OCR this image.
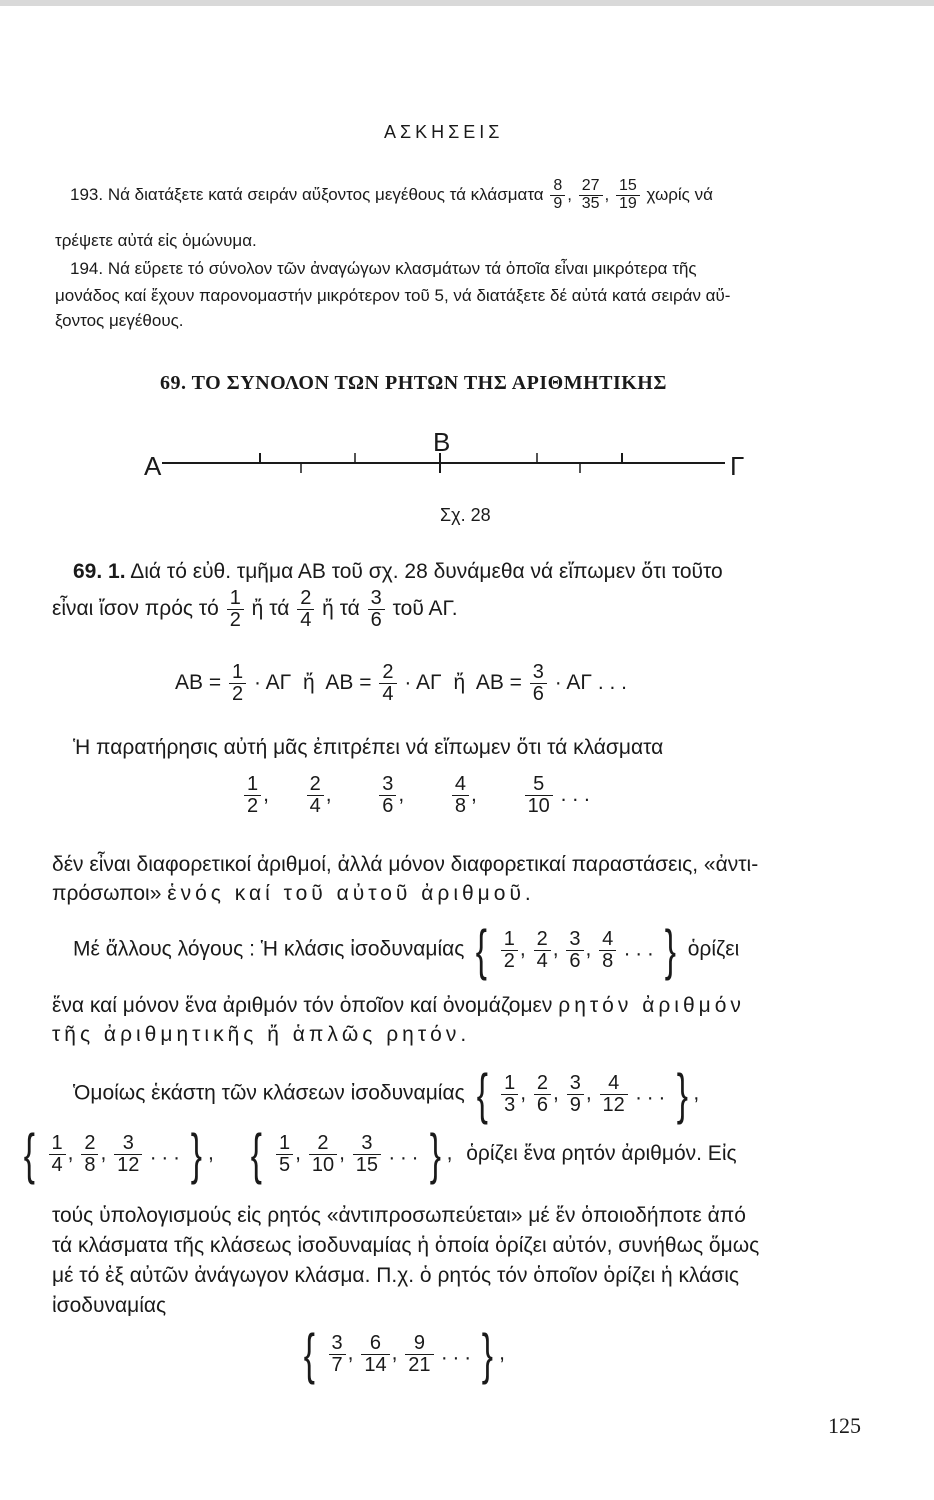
ΑΣΚΗΣΕΙΣ
193. Νά διατάξετε κατά σειράν αὔξοντος μεγέθους τά κλάσματα $\frac{8}{9}$ , $\frac{27}{35}$ , $\frac{15}{19}$ χωρίς νά
τρέψετε αὐτά εἰς ὁμώνυμα.
194. Νά εὕρετε τό σύνολον τῶν ἀναγώγων κλασμάτων τά ὁποῖα εἶναι μικρότερα τῆς
μονάδος καί ἔχουν παρονομαστήν μικρότερον τοῦ 5, νά διατάξετε δέ αὐτά κατά σειράν αὔ-
ξοντος μεγέθους.
69. ΤΟ ΣΥΝΟΛΟΝ ΤΩΝ ΡΗΤΩΝ ΤΗΣ ΑΡΙΘΜΗΤΙΚΗΣ
Α
Β
Γ
Σχ. 28
69. 1. Διά τό εὐθ. τμῆμα ΑΒ τοῦ σχ. 28 δυνάμεθα νά εἴπωμεν ὅτι τοῦτο
εἶναι ἴσον πρός τό $\frac{1}{2}$ ἤ τά $\frac{2}{4}$ ἤ τά $\frac{3}{6}$ τοῦ ΑΓ.
$AB = \frac{1}{2} \cdot A\Gamma$ ἤ $AB = \frac{2}{4} \cdot A\Gamma$ ἤ $AB = \frac{3}{6} \cdot A\Gamma$ . . .
Ἡ παρατήρησις αὐτή μᾶς ἐπιτρέπει νά εἴπωμεν ὅτι τά κλάσματα
$\frac{1}{2}$ , $\frac{2}{4}$ , $\frac{3}{6}$ , $\frac{4}{8}$ , $\frac{5}{10}$ . . .
δέν εἶναι διαφορετικοί ἀριθμοί, ἀλλά μόνον διαφορετικαί παραστάσεις, «ἀντι-
πρόσωποι» ἑνός καί τοῦ αὐτοῦ ἀριθμοῦ.
Μέ ἄλλους λόγους : Ἡ κλάσις ἰσοδυναμίας { $\frac{1}{2}$ , $\frac{2}{4}$ , $\frac{3}{6}$ , $\frac{4}{8}$ . . . } ὁρίζει
ἕνα καί μόνον ἕνα ἀριθμόν τόν ὁποῖον καί ὀνομάζομεν ρητόν ἀριθμόν
τῆς ἀριθμητικῆς ἤ ἁπλῶς ρητόν.
Ὁμοίως ἑκάστη τῶν κλάσεων ἰσοδυναμίας { $\frac{1}{3}$ , $\frac{2}{6}$ , $\frac{3}{9}$ , $\frac{4}{12}$ . . . } ,
{ $\frac{1}{4}$ , $\frac{2}{8}$ , $\frac{3}{12}$ . . . } ,  { $\frac{1}{5}$ , $\frac{2}{10}$ , $\frac{3}{15}$ . . . } , ὁρίζει ἕνα ρητόν ἀριθμόν. Εἰς
τούς ὑπολογισμούς εἰς ρητός «ἀντιπροσωπεύεται» μέ ἕν ὁποιοδήποτε ἀπό
τά κλάσματα τῆς κλάσεως ἰσοδυναμίας ἡ ὁποία ὁρίζει αὐτόν, συνήθως ὅμως
μέ τό ἐξ αὐτῶν ἀνάγωγον κλάσμα. Π.χ. ὁ ρητός τόν ὁποῖον ὁρίζει ἡ κλάσις
ἰσοδυναμίας
{ $\frac{3}{7}$ , $\frac{6}{14}$ , $\frac{9}{21}$ . . . } ,
125
